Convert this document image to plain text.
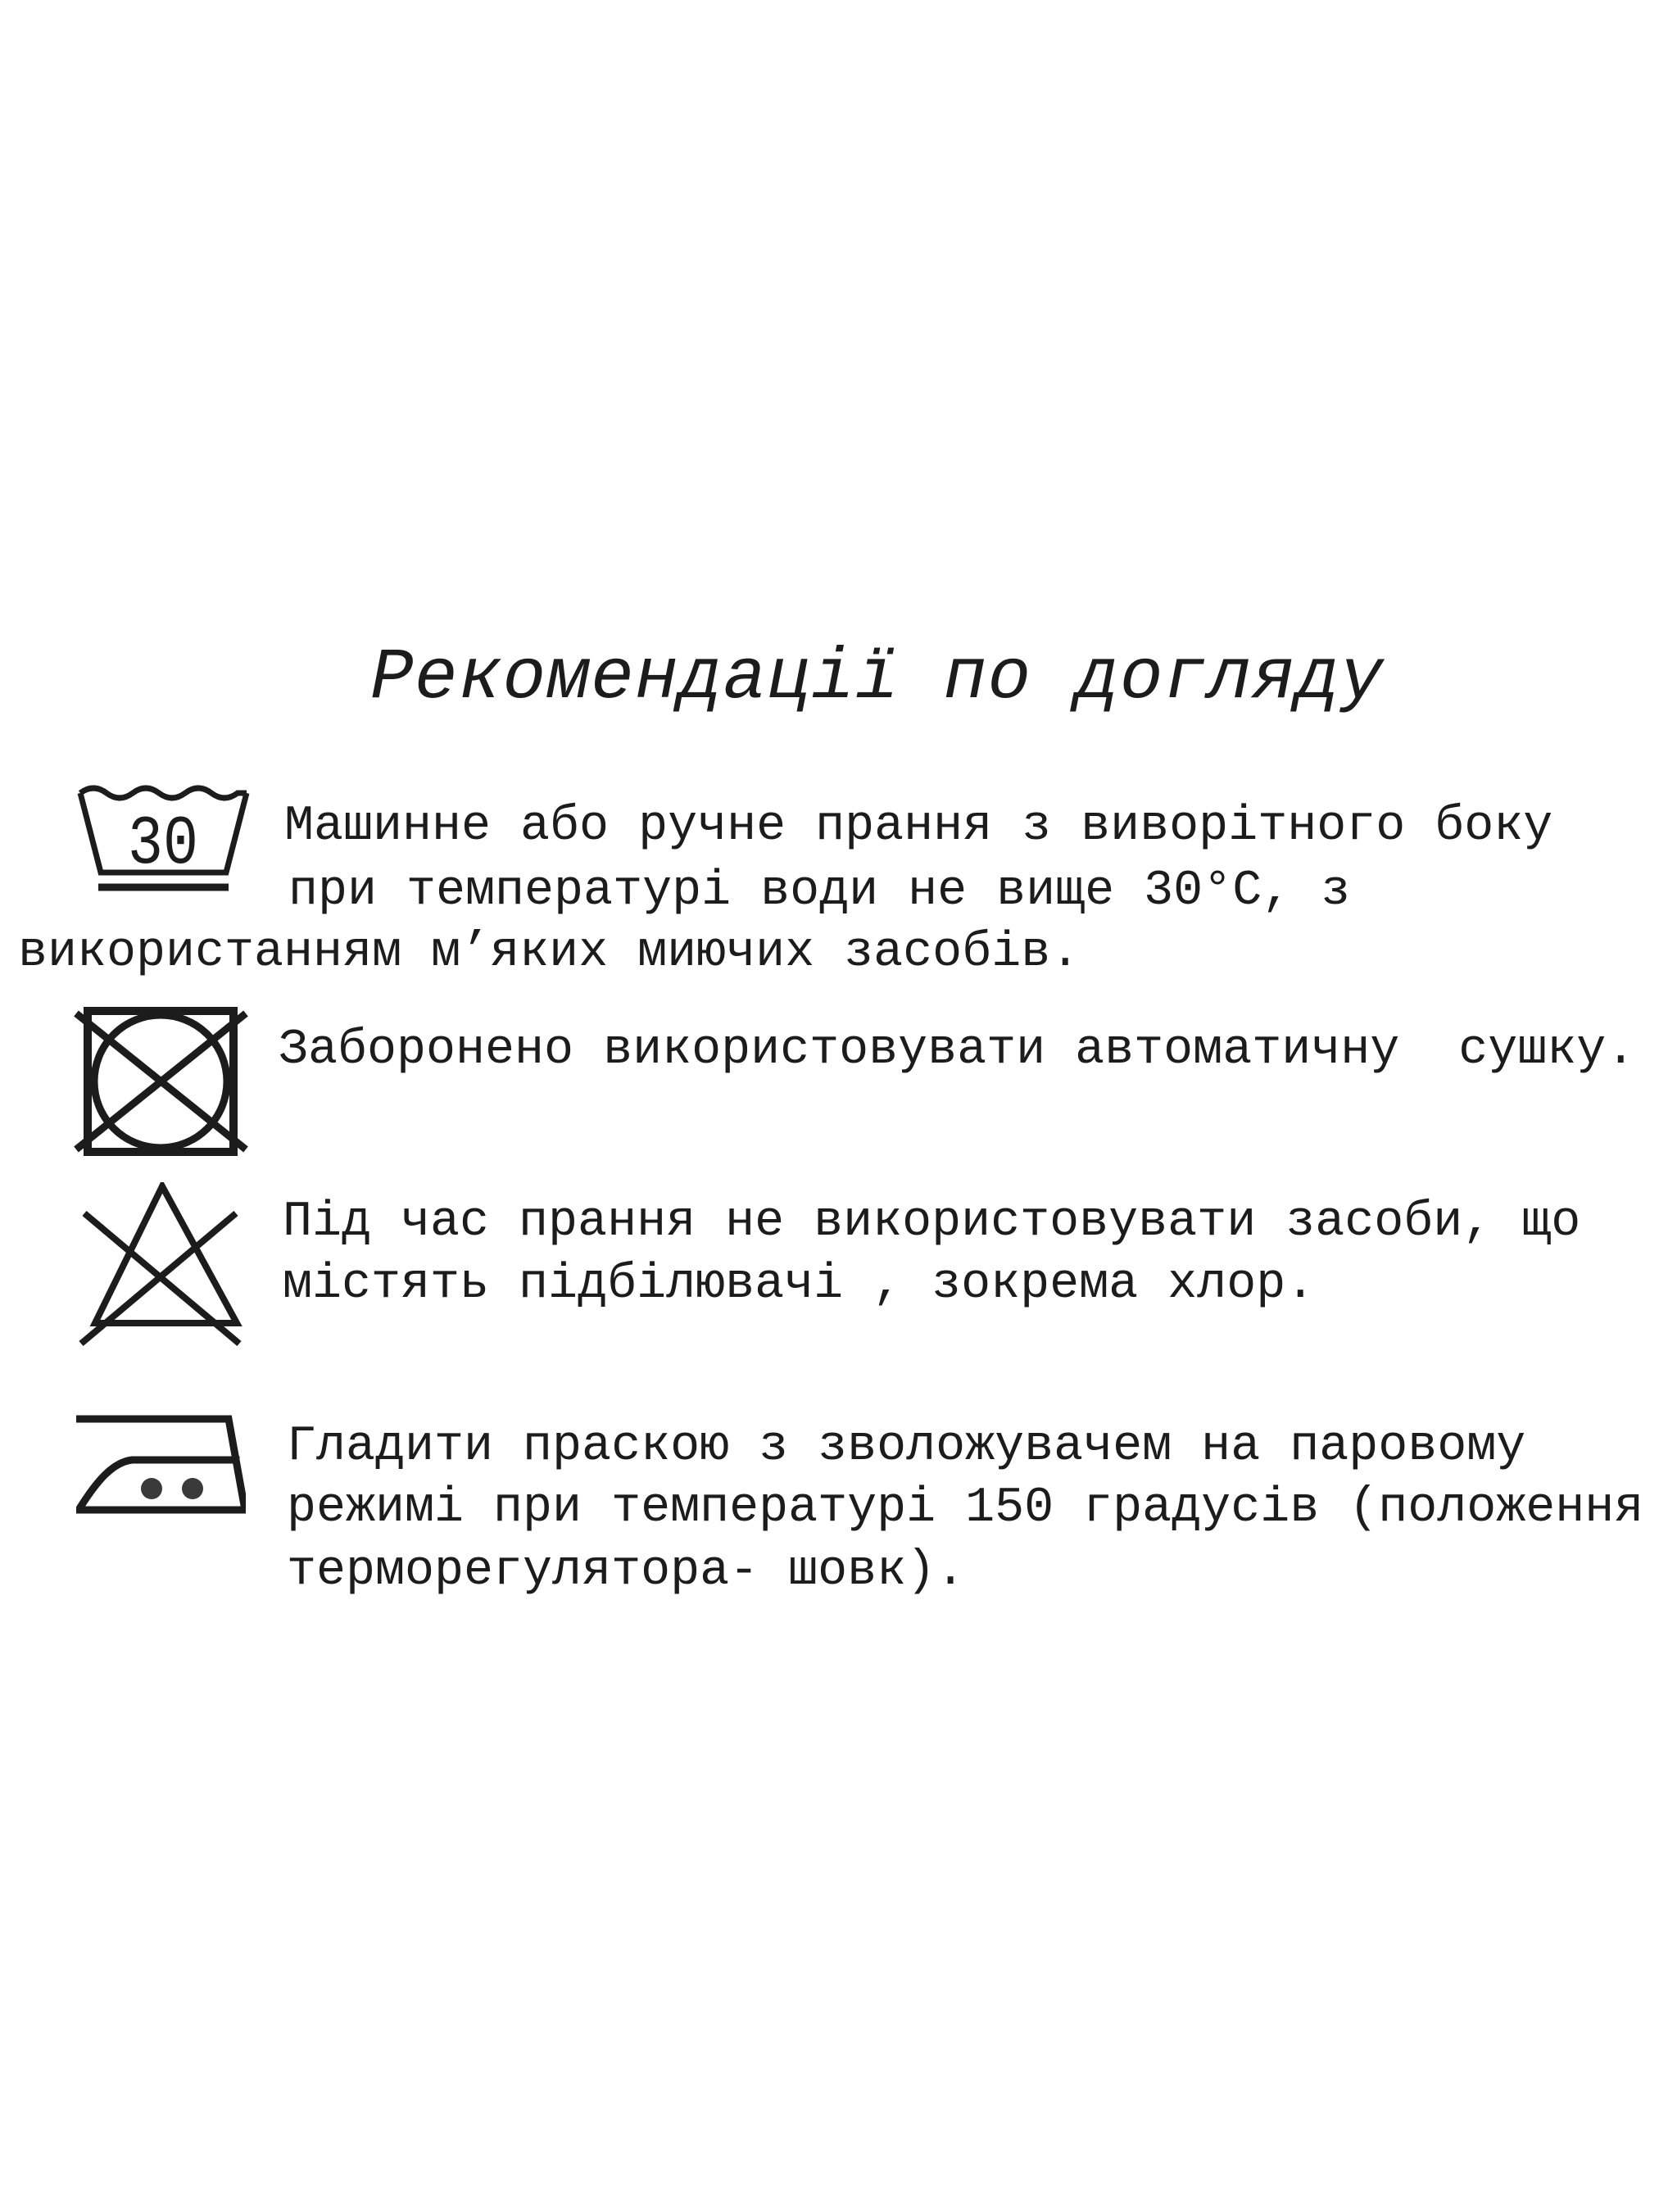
Рекомендації по догляду
30 Машинне або ручне прання з виворітного боку
при температурі води не вище 30°С, з
використанням м’яких миючих засобів.
Заборонено використовувати автоматичну  сушку.
Під час прання не використовувати засоби, що
містять підбілювачі , зокрема хлор.
Гладити праскою з зволожувачем на паровому
режимі при температурі 150 градусів (положення
терморегулятора- шовк).
